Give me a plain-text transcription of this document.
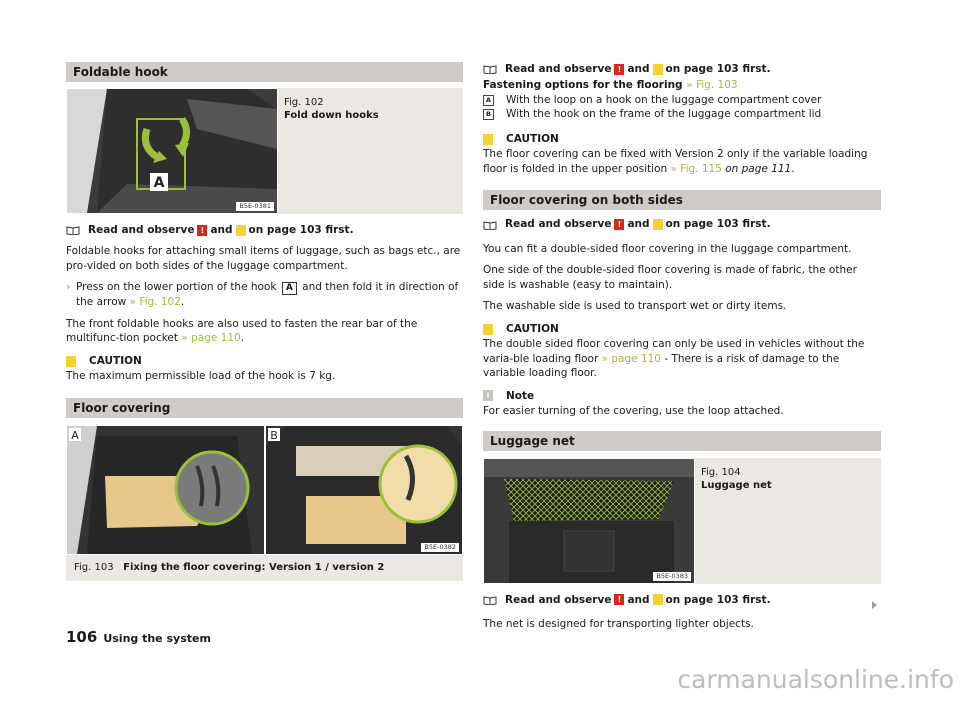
Foldable hook
A
B5E-0381
Fig. 102
Fold down hooks
Read and observe ! and ! on page 103 first.

Foldable hooks for attaching small items of luggage, such as bags etc., are pro-vided on both sides of the luggage compartment.

› Press on the lower portion of the hook A and then fold it in direction of the arrow » Fig. 102.

The front foldable hooks are also used to fasten the rear bar of the multifunc-tion pocket » page 110.

CAUTION

The maximum permissible load of the hook is 7 kg.

Floor covering
A	B
B5E-0382
Fig. 103 Fixing the floor covering: Version 1 / version 2
Read and observe ! and ! on page 103 first.
Fastening options for the flooring » Fig. 103
A With the loop on a hook on the luggage compartment cover
B With the hook on the frame of the luggage compartment lid
CAUTION

The floor covering can be fixed with Version 2 only if the variable loading floor is folded in the upper position » Fig. 115 on page 111.

Floor covering on both sides
Read and observe ! and ! on page 103 first.

You can fit a double-sided floor covering in the luggage compartment.

One side of the double-sided floor covering is made of fabric, the other side is washable (easy to maintain).

The washable side is used to transport wet or dirty items.

CAUTION

The double sided floor covering can only be used in vehicles without the varia-ble loading floor » page 110 - There is a risk of damage to the variable loading floor.

i	Note

For easier turning of the covering, use the loop attached.

Luggage net
B5E-0383
Fig. 104
Luggage net
Read and observe ! and ! on page 103 first.

The net is designed for transporting lighter objects.

106 Using the system
carmanualsonline.info
